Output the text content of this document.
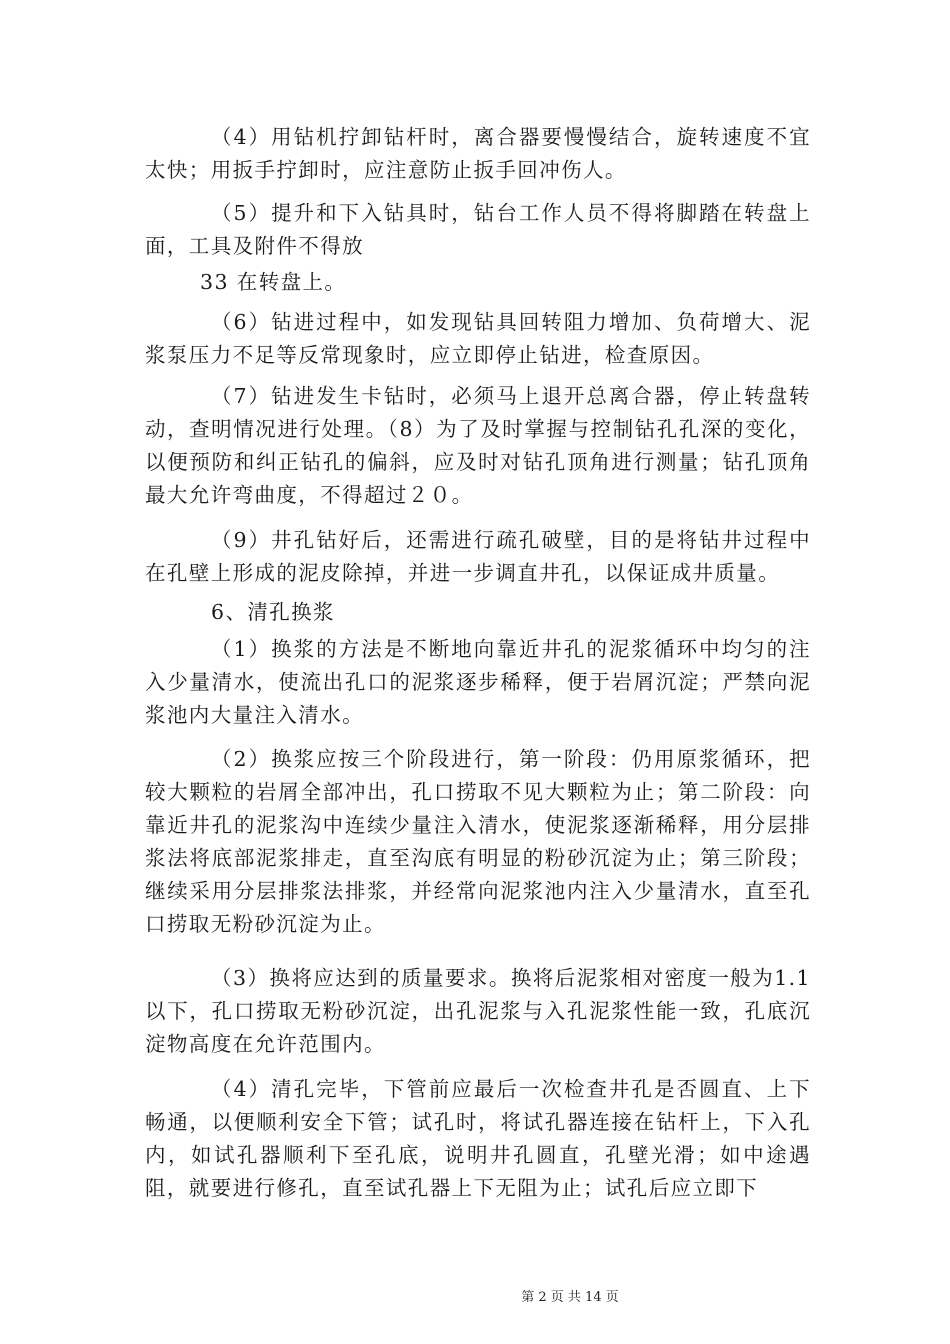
（4）用钻机拧卸钻杆时，离合器要慢慢结合，旋转速度不宜太快；用扳手拧卸时，应注意防止扳手回冲伤人。

（5）提升和下入钻具时，钻台工作人员不得将脚踏在转盘上面，工具及附件不得放

33 在转盘上。

（6）钻进过程中，如发现钻具回转阻力增加、负荷增大、泥浆泵压力不足等反常现象时，应立即停止钻进，检查原因。

（7）钻进发生卡钻时，必须马上退开总离合器，停止转盘转动，查明情况进行处理。（8）为了及时掌握与控制钻孔孔深的变化，以便预防和纠正钻孔的偏斜，应及时对钻孔顶角进行测量；钻孔顶角最大允许弯曲度，不得超过２０。

（9）井孔钻好后，还需进行疏孔破壁，目的是将钻井过程中在孔壁上形成的泥皮除掉，并进一步调直井孔，以保证成井质量。

6、清孔换浆

（1）换浆的方法是不断地向靠近井孔的泥浆循环中均匀的注入少量清水，使流出孔口的泥浆逐步稀释，便于岩屑沉淀；严禁向泥浆池内大量注入清水。

（2）换浆应按三个阶段进行，第一阶段：仍用原浆循环，把较大颗粒的岩屑全部冲出，孔口捞取不见大颗粒为止；第二阶段：向靠近井孔的泥浆沟中连续少量注入清水，使泥浆逐渐稀释，用分层排浆法将底部泥浆排走，直至沟底有明显的粉砂沉淀为止；第三阶段；继续采用分层排浆法排浆，并经常向泥浆池内注入少量清水，直至孔口捞取无粉砂沉淀为止。

（3）换将应达到的质量要求。换将后泥浆相对密度一般为1.1以下，孔口捞取无粉砂沉淀，出孔泥浆与入孔泥浆性能一致，孔底沉淀物高度在允许范围内。

（4）清孔完毕，下管前应最后一次检查井孔是否圆直、上下畅通，以便顺利安全下管；试孔时，将试孔器连接在钻杆上，下入孔内，如试孔器顺利下至孔底，说明井孔圆直，孔壁光滑；如中途遇阻，就要进行修孔，直至试孔器上下无阻为止；试孔后应立即下

第 2 页 共 14 页
